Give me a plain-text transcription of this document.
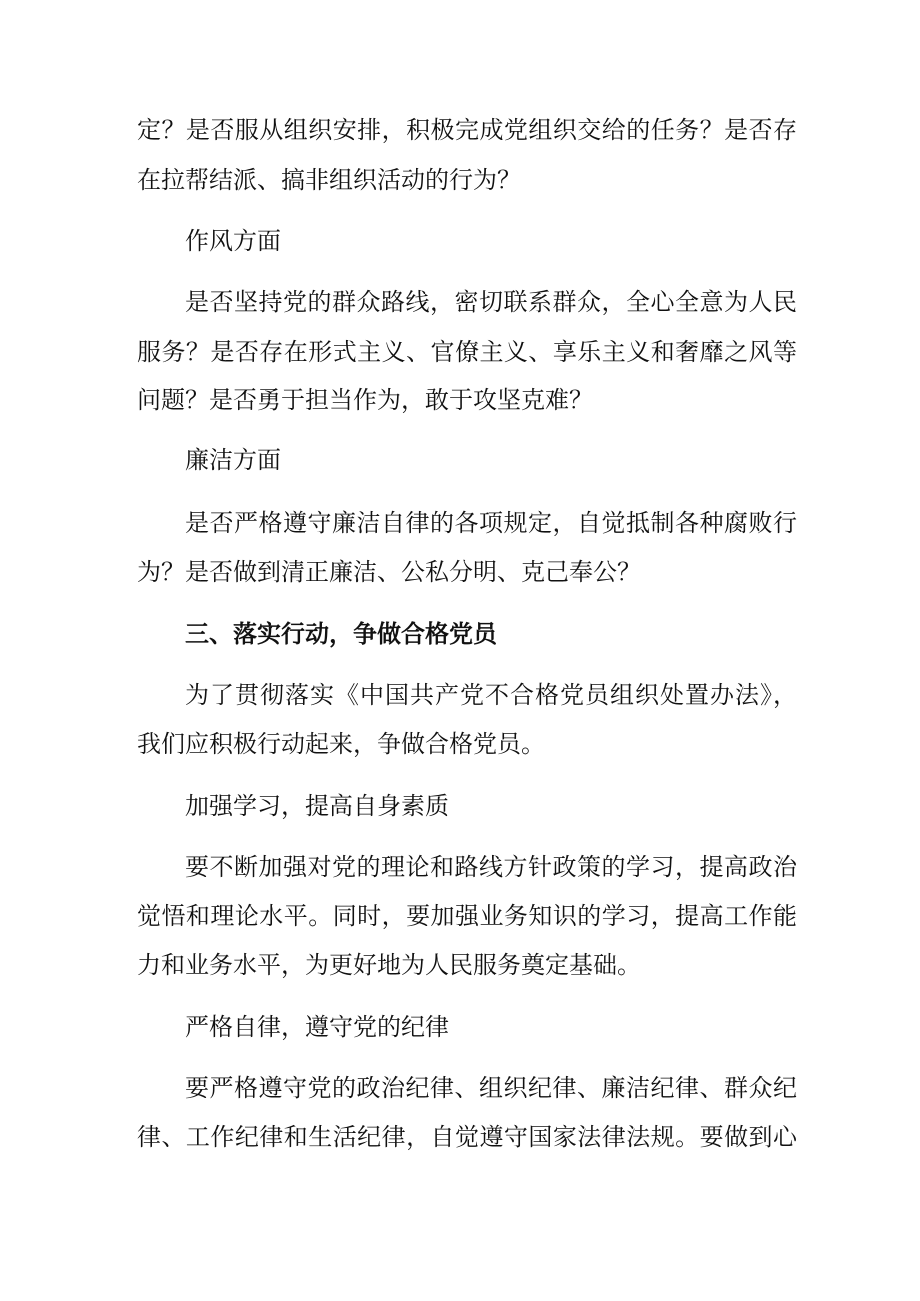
定？是否服从组织安排，积极完成党组织交给的任务？是否存
在拉帮结派、搞非组织活动的行为？
作风方面
是否坚持党的群众路线，密切联系群众，全心全意为人民
服务？是否存在形式主义、官僚主义、享乐主义和奢靡之风等
问题？是否勇于担当作为，敢于攻坚克难？
廉洁方面
是否严格遵守廉洁自律的各项规定，自觉抵制各种腐败行
为？是否做到清正廉洁、公私分明、克己奉公？
三、落实行动，争做合格党员
为了贯彻落实《中国共产党不合格党员组织处置办法》，
我们应积极行动起来，争做合格党员。
加强学习，提高自身素质
要不断加强对党的理论和路线方针政策的学习，提高政治
觉悟和理论水平。同时，要加强业务知识的学习，提高工作能
力和业务水平，为更好地为人民服务奠定基础。
严格自律，遵守党的纪律
要严格遵守党的政治纪律、组织纪律、廉洁纪律、群众纪
律、工作纪律和生活纪律，自觉遵守国家法律法规。要做到心
